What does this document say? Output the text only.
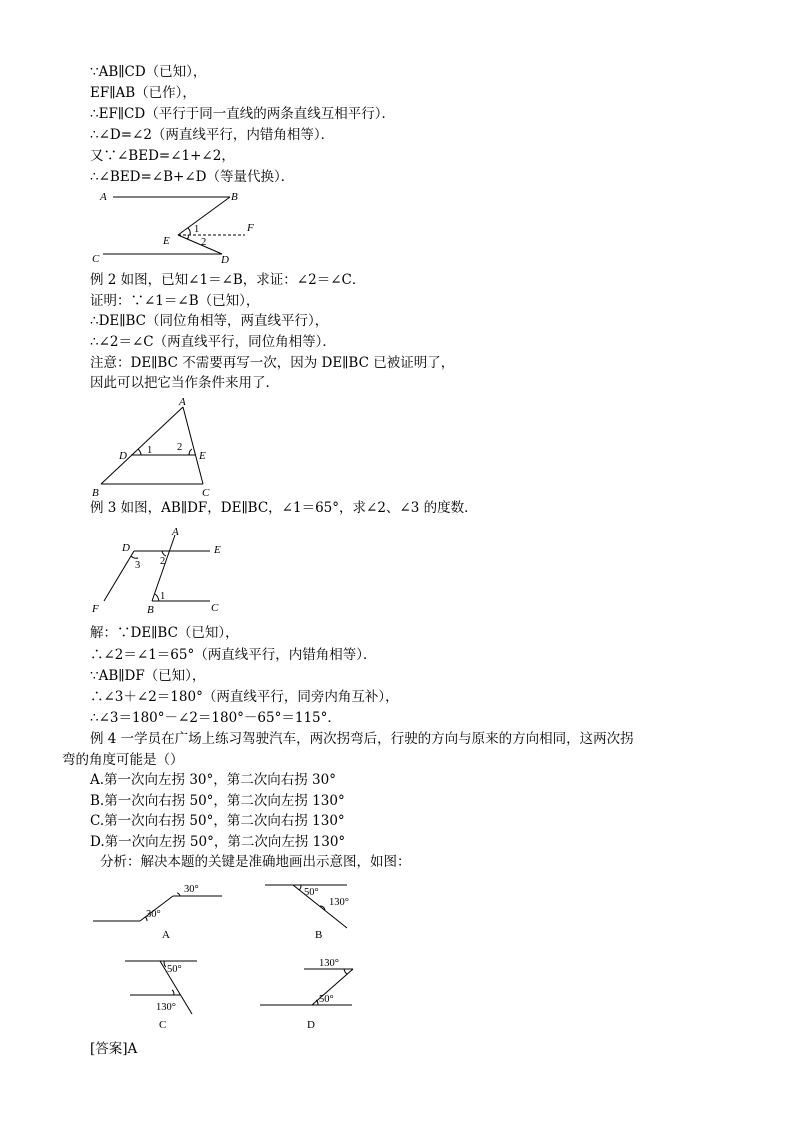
∵AB∥CD（已知），
EF∥AB（已作），
∴EF∥CD（平行于同一直线的两条直线互相平行）．
∴∠D=∠2（两直线平行，内错角相等）．
又∵∠BED=∠1+∠2，
∴∠BED=∠B+∠D（等量代换）．
例 2 如图，已知∠1＝∠B，求证：∠2＝∠C．
证明：∵∠1＝∠B（已知），
∴DE∥BC（同位角相等，两直线平行），
∴∠2＝∠C（两直线平行，同位角相等）．
注意：DE∥BC 不需要再写一次，因为 DE∥BC 已被证明了，
因此可以把它当作条件来用了．
例 3 如图，AB∥DF，DE∥BC，∠1＝65°，求∠2、∠3 的度数．
解：∵DE∥BC（已知），
∴∠2＝∠1＝65°（两直线平行，内错角相等）．
∵AB∥DF（已知），
∴∠3＋∠2＝180°（两直线平行，同旁内角互补），
∴∠3＝180°－∠2＝180°－65°＝115°．
例 4 一学员在广场上练习驾驶汽车，两次拐弯后，行驶的方向与原来的方向相同，这两次拐
弯的角度可能是（）
A.第一次向左拐 30°，第二次向右拐 30°
B.第一次向右拐 50°，第二次向左拐 130°
C.第一次向右拐 50°，第二次向右拐 130°
D.第一次向左拐 50°，第二次向左拐 130°
分析：解决本题的关键是准确地画出示意图，如图：
[答案]A
A	B
C	D
E
F
1
2
A
D	E
B	C
1 2
A
D	E
F	B	C
3 2
1
30°
30°
A
50°
130°
B
50°
130°
C
130°
50°
D
